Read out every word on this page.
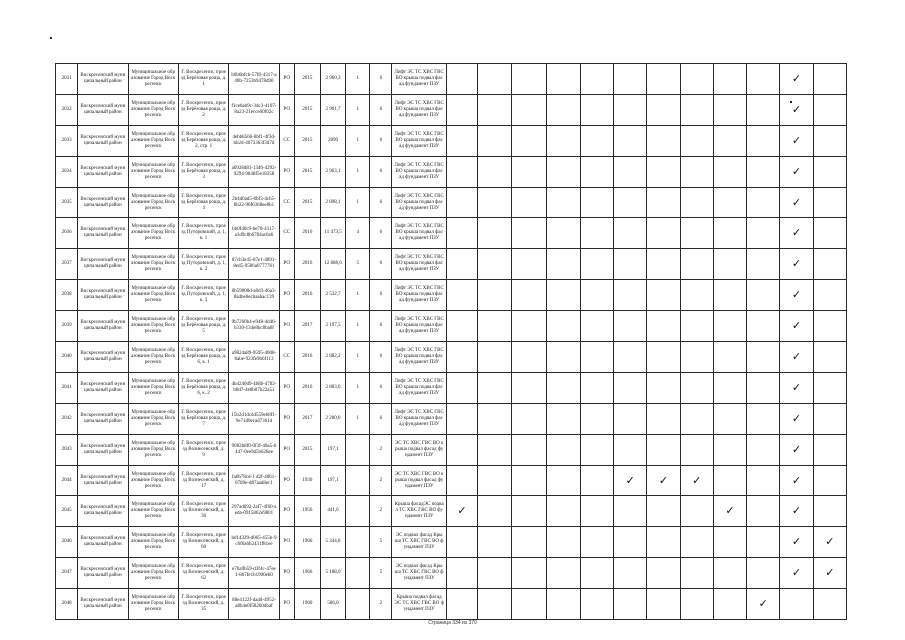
2031	Воскресенский муниципальный район	Муниципальное образование Город Воскресенск	Г. Воскресенск, проезд Берёзовая роща, д. 1	b6b6bfcb-57f0-4317-a40b-7253b9478d90	РО	2015	2 960,3	1	6	Лифт ЭС ТС ХВС ГВС ВО крыша подвал фасад фундамент ПЗУ											✓	
2032	Воскресенский муниципальный район	Муниципальное образование Город Воскресенск	Г. Воскресенск, проезд Берёзовая роща, д. 2	f1ce6ab9c-3dc3-4107-8a23-21ecce60f02c	РО	2015	2 901,7	1	6	Лифт ЭС ТС ХВС ГВС ВО крыша подвал фасад фундамент ПЗУ											✓	
2033	Воскресенский муниципальный район	Муниципальное образование Город Воскресенск	Г. Воскресенск, проезд Берёзовая роща, д. 2, стр. 1	4ebb8566-8bf1-4f3d-bb2d-4073363f3d7d	СС	2015	2890	1	6	Лифт ЭС ТС ХВС ГВС ВО крыша подвал фасад фундамент ПЗУ											✓	
2034	Воскресенский муниципальный район	Муниципальное образование Город Воскресенск	Г. Воскресенск, проезд Берёзовая роща, д. 3	a0928d83-1340-4292-9294-9848f5e18358	РО	2015	2 963,1	1	6	Лифт ЭС ТС ХВС ГВС ВО крыша подвал фасад фундамент ПЗУ											✓	
2035	Воскресенский муниципальный район	Муниципальное образование Город Воскресенск	Г. Воскресенск, проезд Берёзовая роща, д. 4	2b4d0ad5-8bf3-4cb5-8b22-96f6368ee8b1	СС	2015	2 898,1	1	6	Лифт ЭС ТС ХВС ГВС ВО крыша подвал фасад фундамент ПЗУ											✓	
2036	Воскресенский муниципальный район	Муниципальное образование Город Воскресенск	Г. Воскресенск, проезд Путоровский, д. 1, к. 1	bb0f40c9-be70-4317-a3d9c8b6784ac0a6	СС	2016	11 473,5	4	6	Лифт ЭС ТС ХВС ГВС ВО крыша подвал фасад фундамент ПЗУ											✓	
2037	Воскресенский муниципальный район	Муниципальное образование Город Воскресенск	Г. Воскресенск, проезд Путоровский, д. 1, к. 2	87cb3e45-87e1-4891-8ed5-9586a0777761	РО	2016	12 888,6	5	6	Лифт ЭС ТС ХВС ГВС ВО крыша подвал фасад фундамент ПЗУ											✓	
2038	Воскресенский муниципальный район	Муниципальное образование Город Воскресенск	Г. Воскресенск, проезд Путоровский, д. 1, к. 3	0b59000d-a0d3-46a3-8a4be0ecbaabac139	РО	2016	2 532,7	1	6	Лифт ЭС ТС ХВС ГВС ВО крыша подвал фасад фундамент ПЗУ											✓	
2039	Воскресенский муниципальный район	Муниципальное образование Город Воскресенск	Г. Воскресенск, проезд Берёзовая роща, д. 5	9b7260b4-e948-4d46-b330-134e8bc8ba0f	РО	2017	2 197,5	1	6	Лифт ЭС ТС ХВС ГВС ВО крыша подвал фасад фундамент ПЗУ											✓	
2040	Воскресенский муниципальный район	Муниципальное образование Город Воскресенск	Г. Воскресенск, проезд Берёзовая роща, д. 6, к. 1	a9824a89-9595-4008-8abe-923fe9b6f113	СС	2016	2 882,2	1	6	Лифт ЭС ТС ХВС ГВС ВО крыша подвал фасад фундамент ПЗУ											✓	
2041	Воскресенский муниципальный район	Муниципальное образование Город Воскресенск	Г. Воскресенск, проезд Берёзовая роща, д. 6, к. 2	4b4240d9-4b8b-4702-b8d7-4e0b07b22a51	РО	2016	2 883,0	1	6	Лифт ЭС ТС ХВС ГВС ВО крыша подвал фасад фундамент ПЗУ											✓	
2042	Воскресенский муниципальный район	Муниципальное образование Город Воскресенск	Г. Воскресенск, проезд Берёзовая роща, д. 7	15b2d1dcd4559eb8f1-9e71d0ecad7361d	РО	2017	2 280,0	1	6	Лифт ЭС ТС ХВС ГВС ВО крыша подвал фасад фундамент ПЗУ											✓	
2043	Воскресенский муниципальный район	Муниципальное образование Город Воскресенск	Г. Воскресенск, проезд Вознесенский, д. 9	9082b8f0-0f3f-40a5-b447-0ee9d5b628ee	РО	2015	197,1		2	ЭС ТС ХВС ГВС ВО крыша подвал фасад фундамент ПЗУ											✓	
2044	Воскресенский муниципальный район	Муниципальное образование Город Воскресенск	Г. Воскресенск, проезд Вознесенский, д. 17	fa0b78cd-1 d2f-4061-8789e-d87aad8ec1	РО	1930	197,1		2	ЭС ТС ХВС ГВС ВО крыша подвал фасад фундамент ПЗУ						✓	✓	✓			✓	
2045	Воскресенский муниципальный район	Муниципальное образование Город Воскресенск	Г. Воскресенск, проезд Вознесенский, д. 30	297ad692-2af7-4f60-aeda-0915862e9801	РО	1956	441,6		2	Крыша фасадЭС подвал ТС ХВС ГВС ВО фундамент ПЗУ	✓								✓		✓	
2046	Воскресенский муниципальный район	Муниципальное образование Город Воскресенск	Г. Воскресенск, проезд Вознесенский, д. 60	bd14329-d065-455b-9c6f6a6b2431f81ee	РО	1966	5 344,8		5	ЭС подвал фасад Крыша ТС ХВС ГВС ВО фундамент ПЗУ											✓	✓
2047	Воскресенский муниципальный район	Муниципальное образование Город Воскресенск	Г. Воскресенск, проезд Вознесенский, д. 62	e76a9b59-d3f4c-47ee1-867fe1b1900eb0	РО	1966	5 188,0		5	ЭС подвал фасад Крыша ТС ХВС ГВС ВО фундамент ПЗУ											✓	✓
2048	Воскресенский муниципальный район	Муниципальное образование Город Воскресенск	Г. Воскресенск, проезд Вознесенский, д. 35	88e4122f-da4d-4952-a8b4e0f58260dbaf	РО	1960	586,0		2	Крыша подвал фасад ЭС ТС ХВС ГВС ВО фундамент ПЗУ										✓		
Страница 334 из 370
